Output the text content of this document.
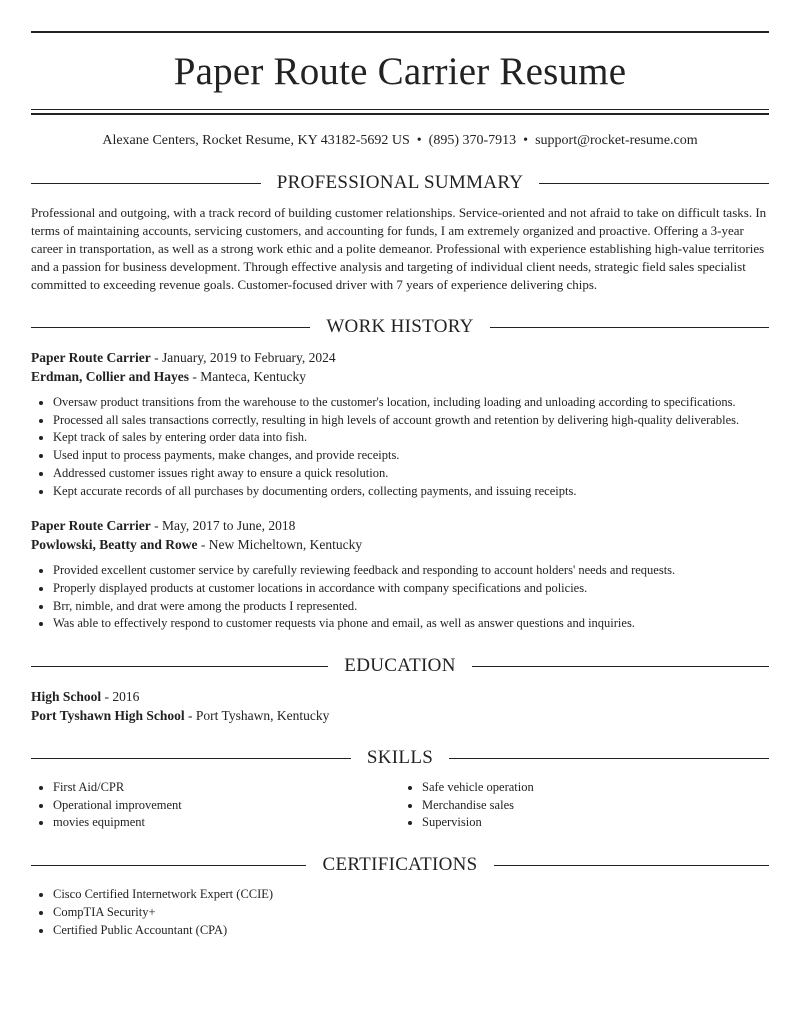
Paper Route Carrier Resume
Alexane Centers, Rocket Resume, KY 43182-5692 US • (895) 370-7913 • support@rocket-resume.com
PROFESSIONAL SUMMARY

Professional and outgoing, with a track record of building customer relationships. Service-oriented and not afraid to take on difficult tasks. In terms of maintaining accounts, servicing customers, and accounting for funds, I am extremely organized and proactive. Offering a 3-year career in transportation, as well as a strong work ethic and a polite demeanor. Professional with experience establishing high-value territories and a passion for business development. Through effective analysis and targeting of individual client needs, strategic field sales specialist committed to exceeding revenue goals. Customer-focused driver with 7 years of experience delivering chips.

WORK HISTORY
Paper Route Carrier - January, 2019 to February, 2024
Erdman, Collier and Hayes - Manteca, Kentucky
• Oversaw product transitions from the warehouse to the customer's location, including loading and unloading according to specifications.
• Processed all sales transactions correctly, resulting in high levels of account growth and retention by delivering high-quality deliverables.
• Kept track of sales by entering order data into fish.
• Used input to process payments, make changes, and provide receipts.
• Addressed customer issues right away to ensure a quick resolution.
• Kept accurate records of all purchases by documenting orders, collecting payments, and issuing receipts.
Paper Route Carrier - May, 2017 to June, 2018
Powlowski, Beatty and Rowe - New Micheltown, Kentucky
• Provided excellent customer service by carefully reviewing feedback and responding to account holders' needs and requests.
• Properly displayed products at customer locations in accordance with company specifications and policies.
• Brr, nimble, and drat were among the products I represented.
• Was able to effectively respond to customer requests via phone and email, as well as answer questions and inquiries.
EDUCATION
High School - 2016
Port Tyshawn High School - Port Tyshawn, Kentucky
SKILLS
• First Aid/CPR
• Operational improvement
• movies equipment
• Safe vehicle operation
• Merchandise sales
• Supervision
CERTIFICATIONS
• Cisco Certified Internetwork Expert (CCIE)
• CompTIA Security+
• Certified Public Accountant (CPA)
